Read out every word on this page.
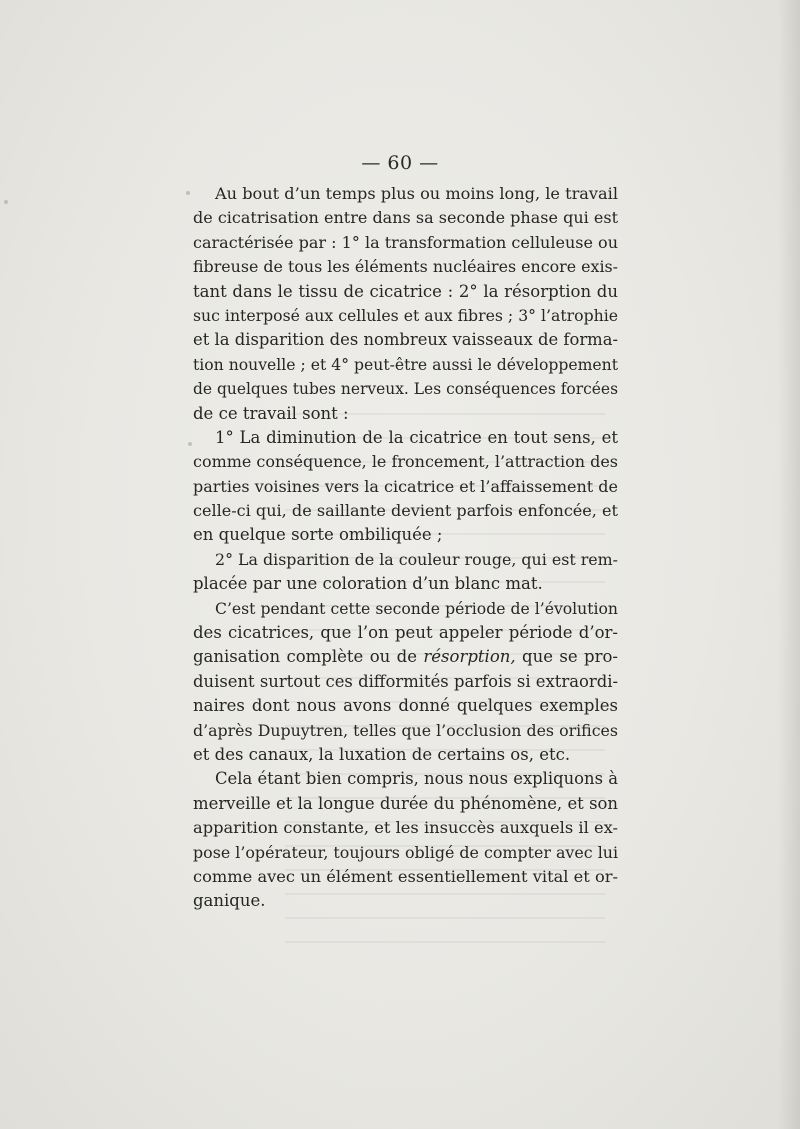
— 60 —
Au bout d’un temps plus ou moins long, le travail
de cicatrisation entre dans sa seconde phase qui est
caractérisée par : 1° la transformation celluleuse ou
fibreuse de tous les éléments nucléaires encore exis-
tant dans le tissu de cicatrice : 2° la résorption du
suc interposé aux cellules et aux fibres ; 3° l’atrophie
et la disparition des nombreux vaisseaux de forma-
tion nouvelle ; et 4° peut-être aussi le développement
de quelques tubes nerveux. Les conséquences forcées
de ce travail sont :
1° La diminution de la cicatrice en tout sens, et
comme conséquence, le froncement, l’attraction des
parties voisines vers la cicatrice et l’affaissement de
celle-ci qui, de saillante devient parfois enfoncée, et
en quelque sorte ombiliquée ;
2° La disparition de la couleur rouge, qui est rem-
placée par une coloration d’un blanc mat.
C’est pendant cette seconde période de l’évolution
des cicatrices, que l’on peut appeler période d’or-
ganisation complète ou de résorption, que se pro-
duisent surtout ces difformités parfois si extraordi-
naires dont nous avons donné quelques exemples
d’après Dupuytren, telles que l’occlusion des orifices
et des canaux, la luxation de certains os, etc.
Cela étant bien compris, nous nous expliquons à
merveille et la longue durée du phénomène, et son
apparition constante, et les insuccès auxquels il ex-
pose l’opérateur, toujours obligé de compter avec lui
comme avec un élément essentiellement vital et or-
ganique.
